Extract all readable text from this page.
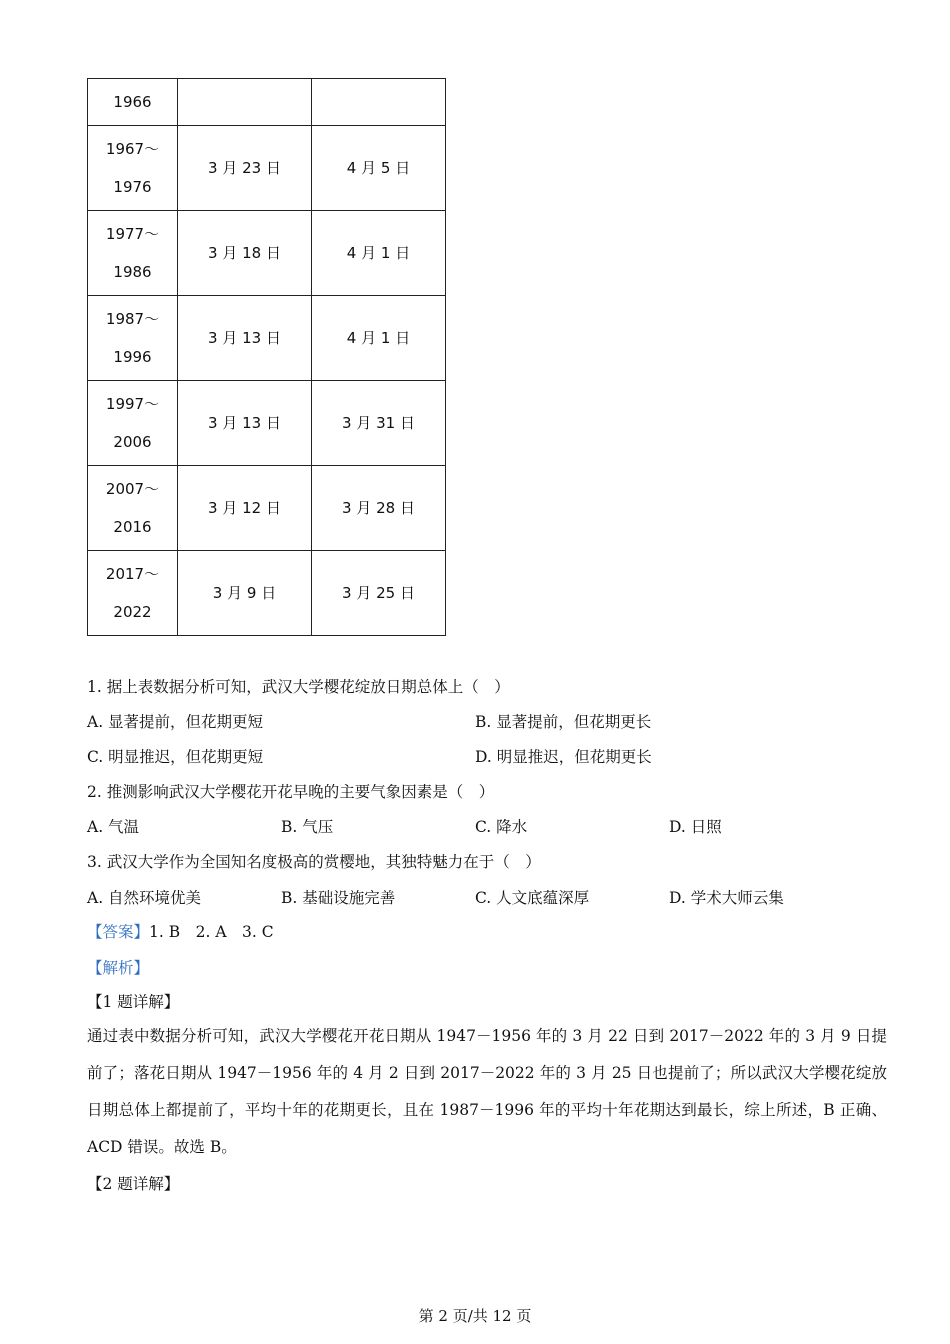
1966		

1967～
1976	3 月 23 日	4 月 5 日

1977～
1986	3 月 18 日	4 月 1 日

1987～
1996	3 月 13 日	4 月 1 日

1997～
2006	3 月 13 日	3 月 31 日

2007～
2016	3 月 12 日	3 月 28 日

2017～
2022	3 月 9 日	3 月 25 日
1. 据上表数据分析可知，武汉大学樱花绽放日期总体上（　）
A. 显著提前，但花期更短	B. 显著提前，但花期更长
C. 明显推迟，但花期更短	D. 明显推迟，但花期更长
2. 推测影响武汉大学樱花开花早晚的主要气象因素是（　）
A. 气温	B. 气压	C. 降水	D. 日照
3. 武汉大学作为全国知名度极高的赏樱地，其独特魅力在于（　）
A. 自然环境优美	B. 基础设施完善	C. 人文底蕴深厚	D. 学术大师云集
【答案】1. B　2. A　3. C
【解析】
【1 题详解】
通过表中数据分析可知，武汉大学樱花开花日期从 1947－1956 年的 3 月 22 日到 2017－2022 年的 3 月 9 日提前了；落花日期从 1947－1956 年的 4 月 2 日到 2017－2022 年的 3 月 25 日也提前了；所以武汉大学樱花绽放日期总体上都提前了，平均十年的花期更长，且在 1987－1996 年的平均十年花期达到最长，综上所述，B 正确、ACD 错误。故选 B。
【2 题详解】
第 2 页/共 12 页
